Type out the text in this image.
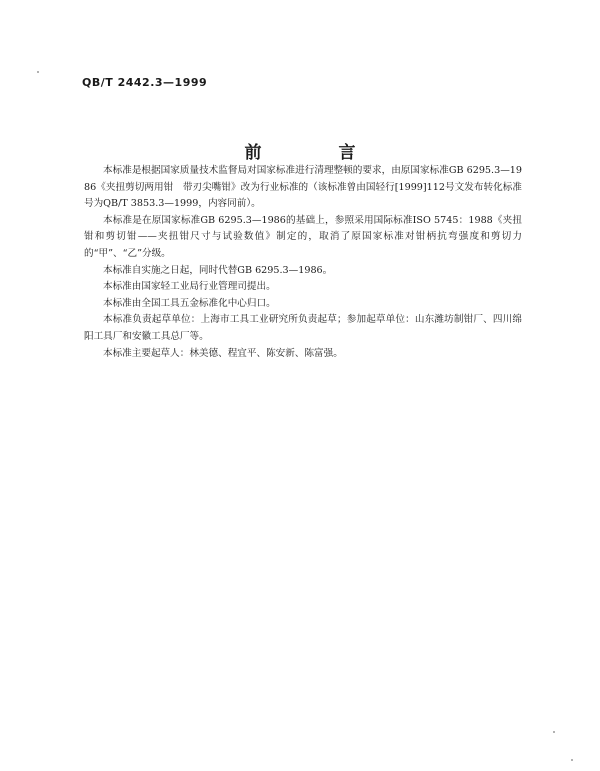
QB/T 2442.3—1999
前　言

本标准是根据国家质量技术监督局对国家标准进行清理整顿的要求，由原国家标准GB 6295.3—1986《夹扭剪切两用钳　带刃尖嘴钳》改为行业标准的（该标准曾由国轻行[1999]112号文发布转化标准号为QB/T 3853.3—1999，内容同前）。

本标准是在原国家标准GB 6295.3—1986的基础上，参照采用国际标准ISO 5745：1988《夹扭钳和剪切钳——夹扭钳尺寸与试验数值》制定的，取消了原国家标准对钳柄抗弯强度和剪切力的“甲”、“乙”分级。

本标准自实施之日起，同时代替GB 6295.3—1986。

本标准由国家轻工业局行业管理司提出。

本标准由全国工具五金标准化中心归口。

本标准负责起草单位：上海市工具工业研究所负责起草；参加起草单位：山东潍坊制钳厂、四川绵阳工具厂和安徽工具总厂等。

本标准主要起草人：林美德、程宜平、陈安新、陈富强。
